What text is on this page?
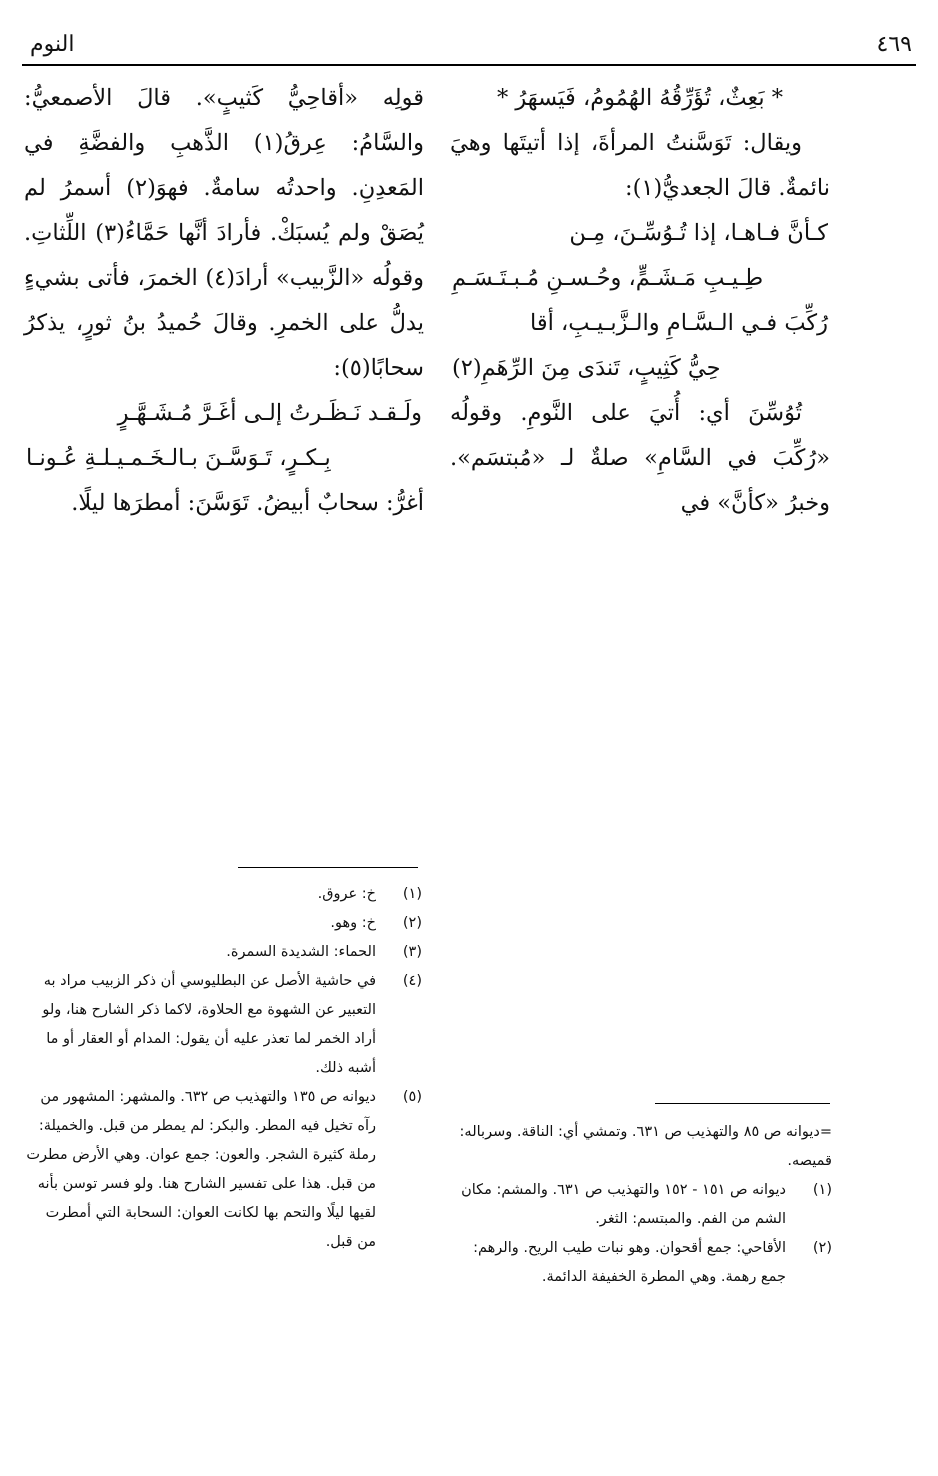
٤٦٩
النوم

* بَعِثٌ، تُؤَرِّقُهُ الهُمُومُ، فَيَسهَرُ *

ويقال: تَوَسَّنتُ المرأةَ، إذا أتيتَها وهيَ نائمةٌ. قالَ الجعديُّ(١):

كـأنَّ فـاهـا، إذا تُـوُسِّـنَ، مِـن

طِـيـبِ مَـشَـمٍّ، وحُـسـنِ مُـبـتَـسَـمِ

رُكِّبَ فـي الـسَّـامِ والـزَّبـيـبِ، أقا

حِيُّ كَثِيبٍ، تَندَى مِنَ الرِّهَمِ(٢)

تُوُسِّنَ أي: أُتيَ على النَّومِ. وقولُه «رُكِّبَ في السَّامِ» صلةٌ لـ «مُبتسَم». وخبرُ «كأنَّ» في

قولِه «أقاحِيُّ كَثيبٍ». قالَ الأصمعيُّ: والسَّامُ: عِرقُ(١) الذَّهبِ والفضَّةِ في المَعدِنِ. واحدتُه سامةٌ. فهوَ(٢) أسمرُ لم يُصَقْ ولم يُسبَكْ. فأرادَ أنَّها حَمَّاءُ(٣) اللِّثاتِ. وقولُه «الزَّبيب» أرادَ(٤) الخمرَ، فأتى بشيءٍ يدلُّ على الخمرِ. وقالَ حُميدُ بنُ ثورٍ، يذكرُ سحابًا(٥):

ولَـقـد نَـظَـرتُ إلـى أغَـرَّ مُـشَـهَّـرٍ

بِـكـرٍ، تَـوَسَّـنَ بـالـخَـمـيـلـةِ عُـونـا

أغرُّ: سحابٌ أبيضُ. تَوَسَّنَ: أمطرَها ليلًا.

(١)
خ: عروق.

(٢)
خ: وهو.

(٣)
الحماء: الشديدة السمرة.

(٤)
في حاشية الأصل عن البطليوسي أن ذكر الزبيب مراد به التعبير عن الشهوة مع الحلاوة، لاكما ذكر الشارح هنا، ولو أراد الخمر لما تعذر عليه أن يقول: المدام أو العقار أو ما أشبه ذلك.

(٥)
ديوانه ص ١٣٥ والتهذيب ص ٦٣٢. والمشهر: المشهور من رآه تخيل فيه المطر. والبكر: لم يمطر من قبل. والخميلة: رملة كثيرة الشجر. والعون: جمع عوان. وهي الأرض مطرت من قبل. هذا على تفسير الشارح هنا. ولو فسر توسن بأنه لقيها ليلًا والتحم بها لكانت العوان: السحابة التي أمطرت من قبل.

=ديوانه ص ٨٥ والتهذيب ص ٦٣١. وتمشي أي: الناقة. وسرباله: قميصه.

(١)
ديوانه ص ١٥١ - ١٥٢ والتهذيب ص ٦٣١. والمشم: مكان الشم من الفم. والمبتسم: الثغر.

(٢)
الأقاحي: جمع أقحوان. وهو نبات طيب الريح. والرهم: جمع رهمة. وهي المطرة الخفيفة الدائمة.
